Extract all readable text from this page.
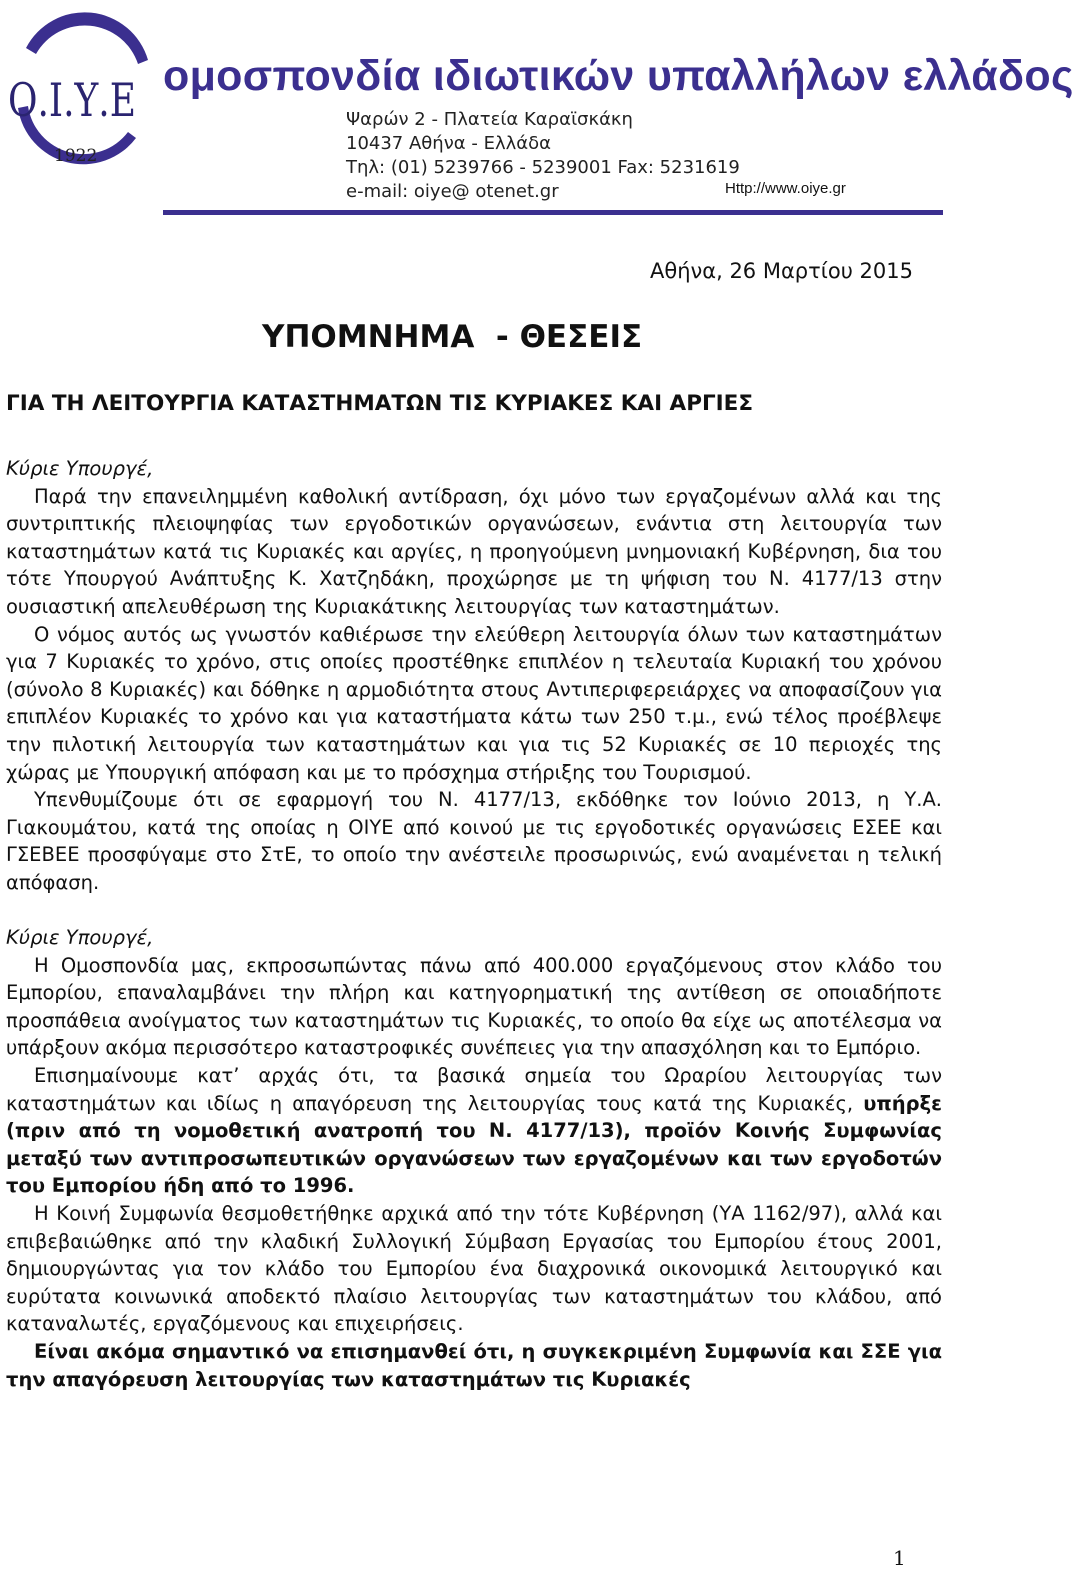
Ο.Ι.Υ.Ε
1922
ομοσπονδία ιδιωτικών υπαλλήλων ελλάδος
Ψαρών 2 - Πλατεία Καραϊσκάκη
10437 Αθήνα - Ελλάδα
Τηλ: (01) 5239766 - 5239001 Fax: 5231619
e-mail: oiye@ otenet.gr	Http://www.oiye.gr
Αθήνα, 26 Μαρτίου 2015
ΥΠΟΜΝΗΜΑ  - ΘΕΣΕΙΣ
ΓΙΑ ΤΗ ΛΕΙΤΟΥΡΓΙΑ ΚΑΤΑΣΤΗΜΑΤΩΝ ΤΙΣ ΚΥΡΙΑΚΕΣ ΚΑΙ ΑΡΓΙΕΣ

Κύριε Υπουργέ,

Παρά την επανειλημμένη καθολική αντίδραση, όχι μόνο των εργαζομένων αλλά και της συντριπτικής πλειοψηφίας των εργοδοτικών οργανώσεων, ενάντια στη λειτουργία των καταστημάτων κατά τις Κυριακές και αργίες, η προηγούμενη μνημονιακή Κυβέρνηση, δια του τότε Υπουργού Ανάπτυξης Κ. Χατζηδάκη, προχώρησε με τη ψήφιση του Ν. 4177/13 στην ουσιαστική απελευθέρωση της Κυριακάτικης λειτουργίας των καταστημάτων.

Ο νόμος αυτός ως γνωστόν καθιέρωσε την ελεύθερη λειτουργία όλων των καταστημάτων για 7 Κυριακές το χρόνο, στις οποίες προστέθηκε επιπλέον η τελευταία Κυριακή του χρόνου (σύνολο 8 Κυριακές) και δόθηκε η αρμοδιότητα στους Αντιπεριφερειάρχες να αποφασίζουν για επιπλέον Κυριακές το χρόνο και για καταστήματα κάτω των 250 τ.μ., ενώ τέλος προέβλεψε την πιλοτική λειτουργία των καταστημάτων και για τις 52 Κυριακές σε 10 περιοχές της χώρας με Υπουργική απόφαση και με το πρόσχημα στήριξης του Τουρισμού.

Υπενθυμίζουμε ότι σε εφαρμογή του Ν. 4177/13, εκδόθηκε τον Ιούνιο 2013, η Υ.Α. Γιακουμάτου, κατά της οποίας η ΟΙΥΕ από κοινού με τις εργοδοτικές οργανώσεις ΕΣΕΕ και ΓΣΕΒΕΕ προσφύγαμε στο ΣτΕ, το οποίο την ανέστειλε προσωρινώς, ενώ αναμένεται η τελική απόφαση.

Κύριε Υπουργέ,

Η Ομοσπονδία μας, εκπροσωπώντας πάνω από 400.000 εργαζόμενους στον κλάδο του Εμπορίου, επαναλαμβάνει την πλήρη και κατηγορηματική της αντίθεση σε οποιαδήποτε προσπάθεια ανοίγματος των καταστημάτων τις Κυριακές, το οποίο θα είχε ως αποτέλεσμα να υπάρξουν ακόμα περισσότερο καταστροφικές συνέπειες για την απασχόληση και το Εμπόριο.

Επισημαίνουμε κατ’ αρχάς ότι, τα βασικά σημεία του Ωραρίου λειτουργίας των καταστημάτων και ιδίως η απαγόρευση της λειτουργίας τους κατά της Κυριακές, υπήρξε (πριν από τη νομοθετική ανατροπή του Ν. 4177/13), προϊόν Κοινής Συμφωνίας μεταξύ των αντιπροσωπευτικών οργανώσεων των εργαζομένων και των εργοδοτών του Εμπορίου ήδη από το 1996.

Η Κοινή Συμφωνία θεσμοθετήθηκε αρχικά από την τότε Κυβέρνηση (ΥΑ 1162/97), αλλά και επιβεβαιώθηκε από την κλαδική Συλλογική Σύμβαση Εργασίας του Εμπορίου έτους 2001, δημιουργώντας για τον κλάδο του Εμπορίου ένα διαχρονικά οικονομικά λειτουργικό και ευρύτατα κοινωνικά αποδεκτό πλαίσιο λειτουργίας των καταστημάτων του κλάδου, από καταναλωτές, εργαζόμενους και επιχειρήσεις.

Είναι ακόμα σημαντικό να επισημανθεί ότι, η συγκεκριμένη Συμφωνία και ΣΣΕ για την απαγόρευση λειτουργίας των καταστημάτων τις Κυριακές

1
